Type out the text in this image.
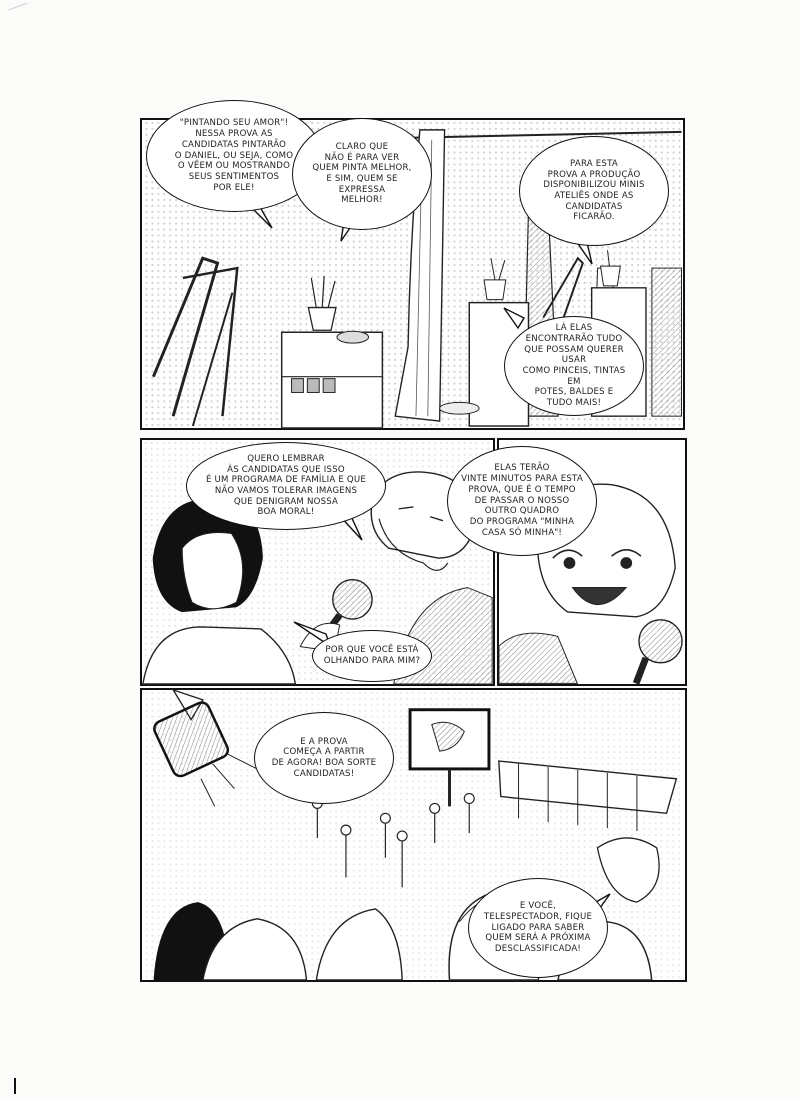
"PINTANDO SEU AMOR"!
NESSA PROVA AS
CANDIDATAS PINTARÃO
O DANIEL, OU SEJA, COMO
O VÊEM OU MOSTRANDO
SEUS SENTIMENTOS
POR ELE!
CLARO QUE
NÃO É PARA VER
QUEM PINTA MELHOR,
E SIM, QUEM SE
EXPRESSA
MELHOR!
PARA ESTA
PROVA A PRODUÇÃO
DISPONIBILIZOU MINIS
ATELIÊS ONDE AS
CANDIDATAS
FICARÃO.
LÁ ELAS
ENCONTRARÃO TUDO
QUE POSSAM QUERER USAR
COMO PINCEIS, TINTAS EM
POTES, BALDES E
TUDO MAIS!
QUERO LEMBRAR
ÀS CANDIDATAS QUE ISSO
É UM PROGRAMA DE FAMÍLIA E QUE
NÃO VAMOS TOLERAR IMAGENS
QUE DENIGRAM NOSSA
BOA MORAL!
POR QUE VOCÊ ESTÁ
OLHANDO PARA MIM?
ELAS TERÃO
VINTE MINUTOS PARA ESTA
PROVA, QUE É O TEMPO
DE PASSAR O NOSSO
OUTRO QUADRO
DO PROGRAMA "MINHA
CASA SÓ MINHA"!
E A PROVA
COMEÇA A PARTIR
DE AGORA! BOA SORTE
CANDIDATAS!
E VOCÊ,
TELESPECTADOR, FIQUE
LIGADO PARA SABER
QUEM SERÁ A PRÓXIMA
DESCLASSIFICADA!
